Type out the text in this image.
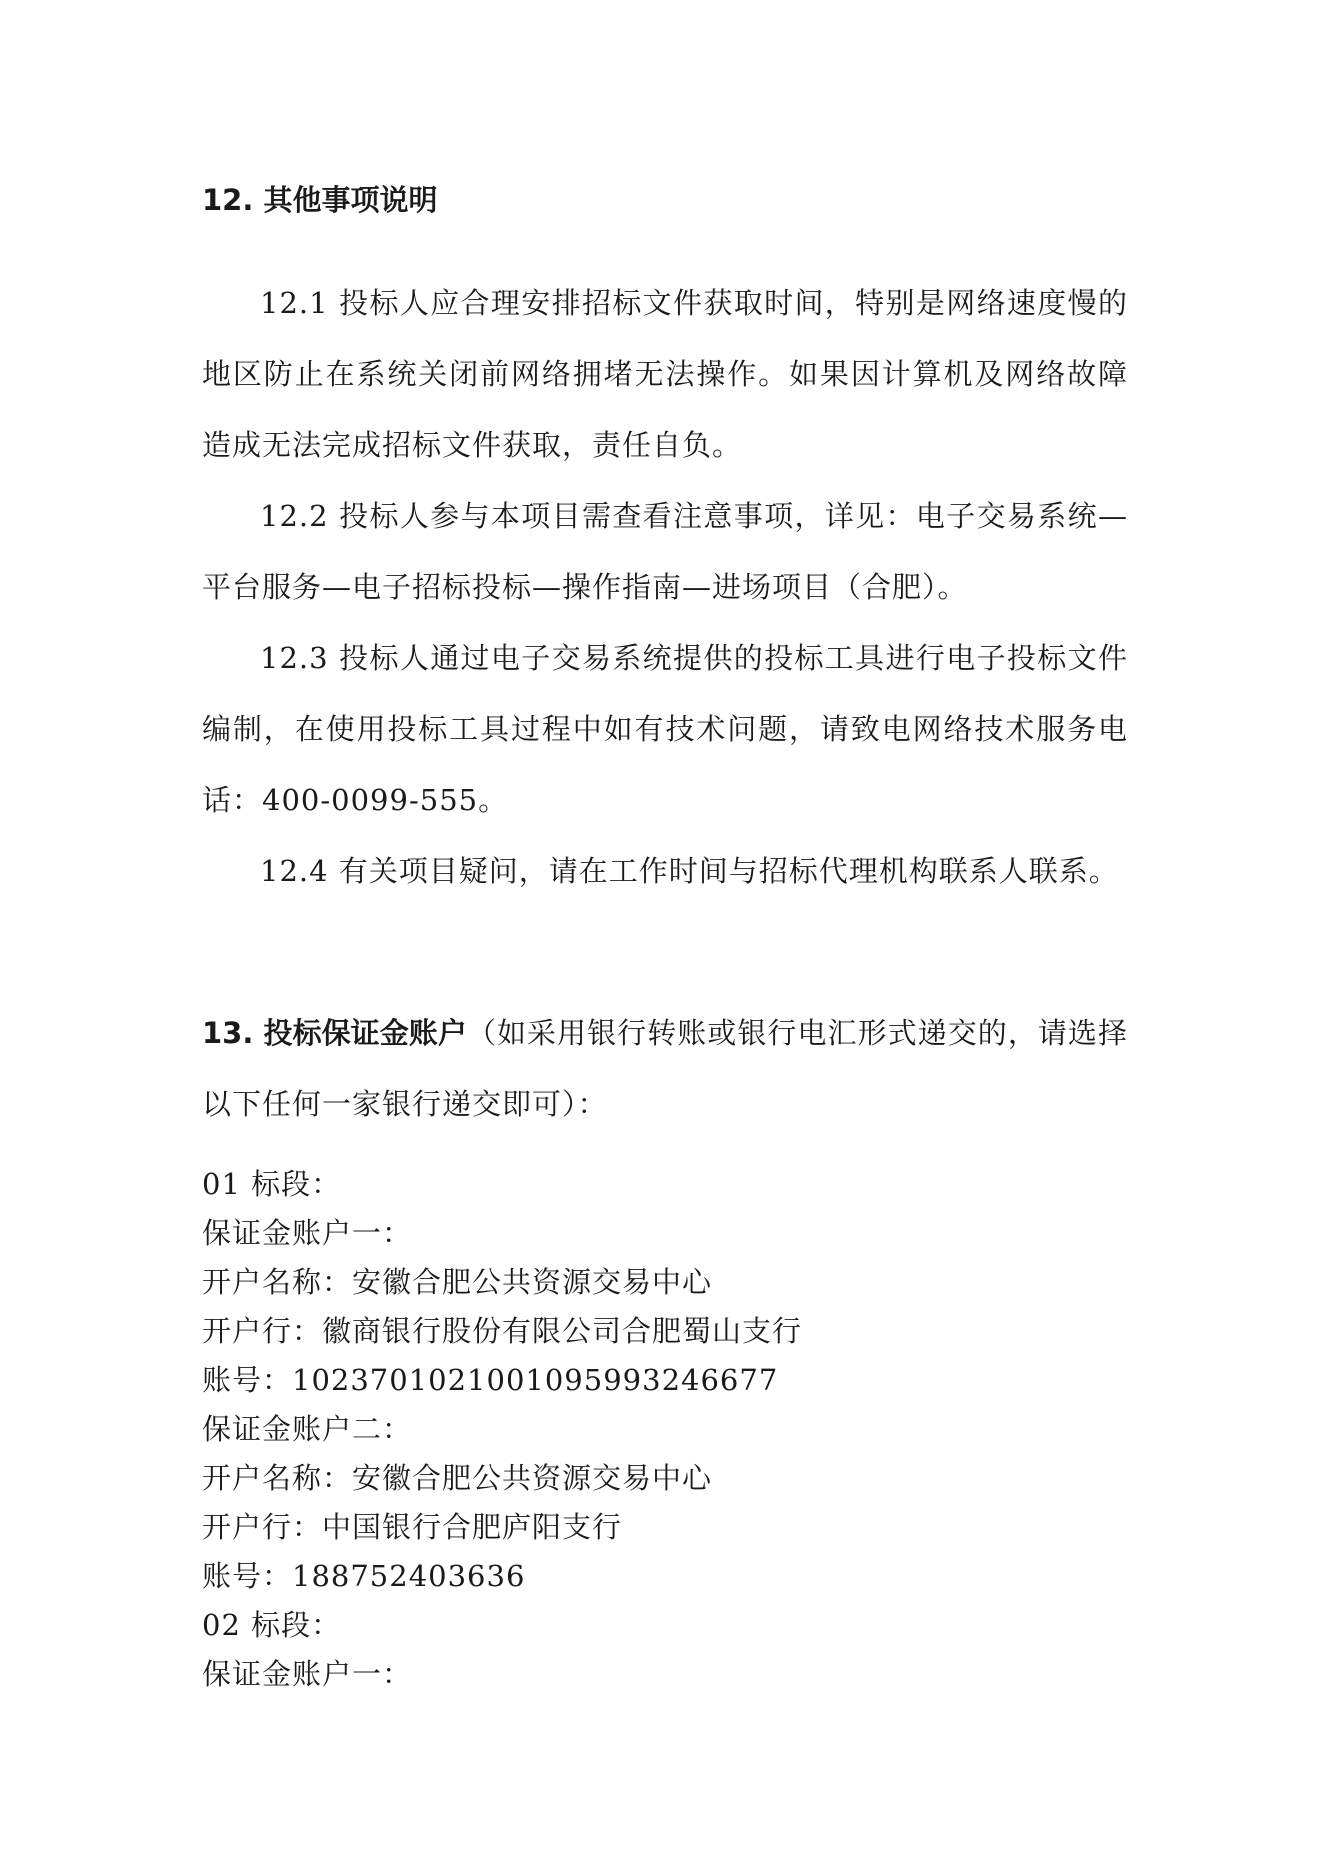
12. 其他事项说明

12.1 投标人应合理安排招标文件获取时间，特别是网络速度慢的地区防止在系统关闭前网络拥堵无法操作。如果因计算机及网络故障造成无法完成招标文件获取，责任自负。

12.2 投标人参与本项目需查看注意事项，详见：电子交易系统—平台服务—电子招标投标—操作指南—进场项目（合肥）。

12.3 投标人通过电子交易系统提供的投标工具进行电子投标文件编制，在使用投标工具过程中如有技术问题，请致电网络技术服务电话：400-0099-555。

12.4 有关项目疑问，请在工作时间与招标代理机构联系人联系。

13. 投标保证金账户（如采用银行转账或银行电汇形式递交的，请选择以下任何一家银行递交即可）：

01 标段：

保证金账户一：

开户名称：安徽合肥公共资源交易中心

开户行：徽商银行股份有限公司合肥蜀山支行

账号：1023701021001095993246677

保证金账户二：

开户名称：安徽合肥公共资源交易中心

开户行：中国银行合肥庐阳支行

账号：188752403636

02 标段：

保证金账户一：
